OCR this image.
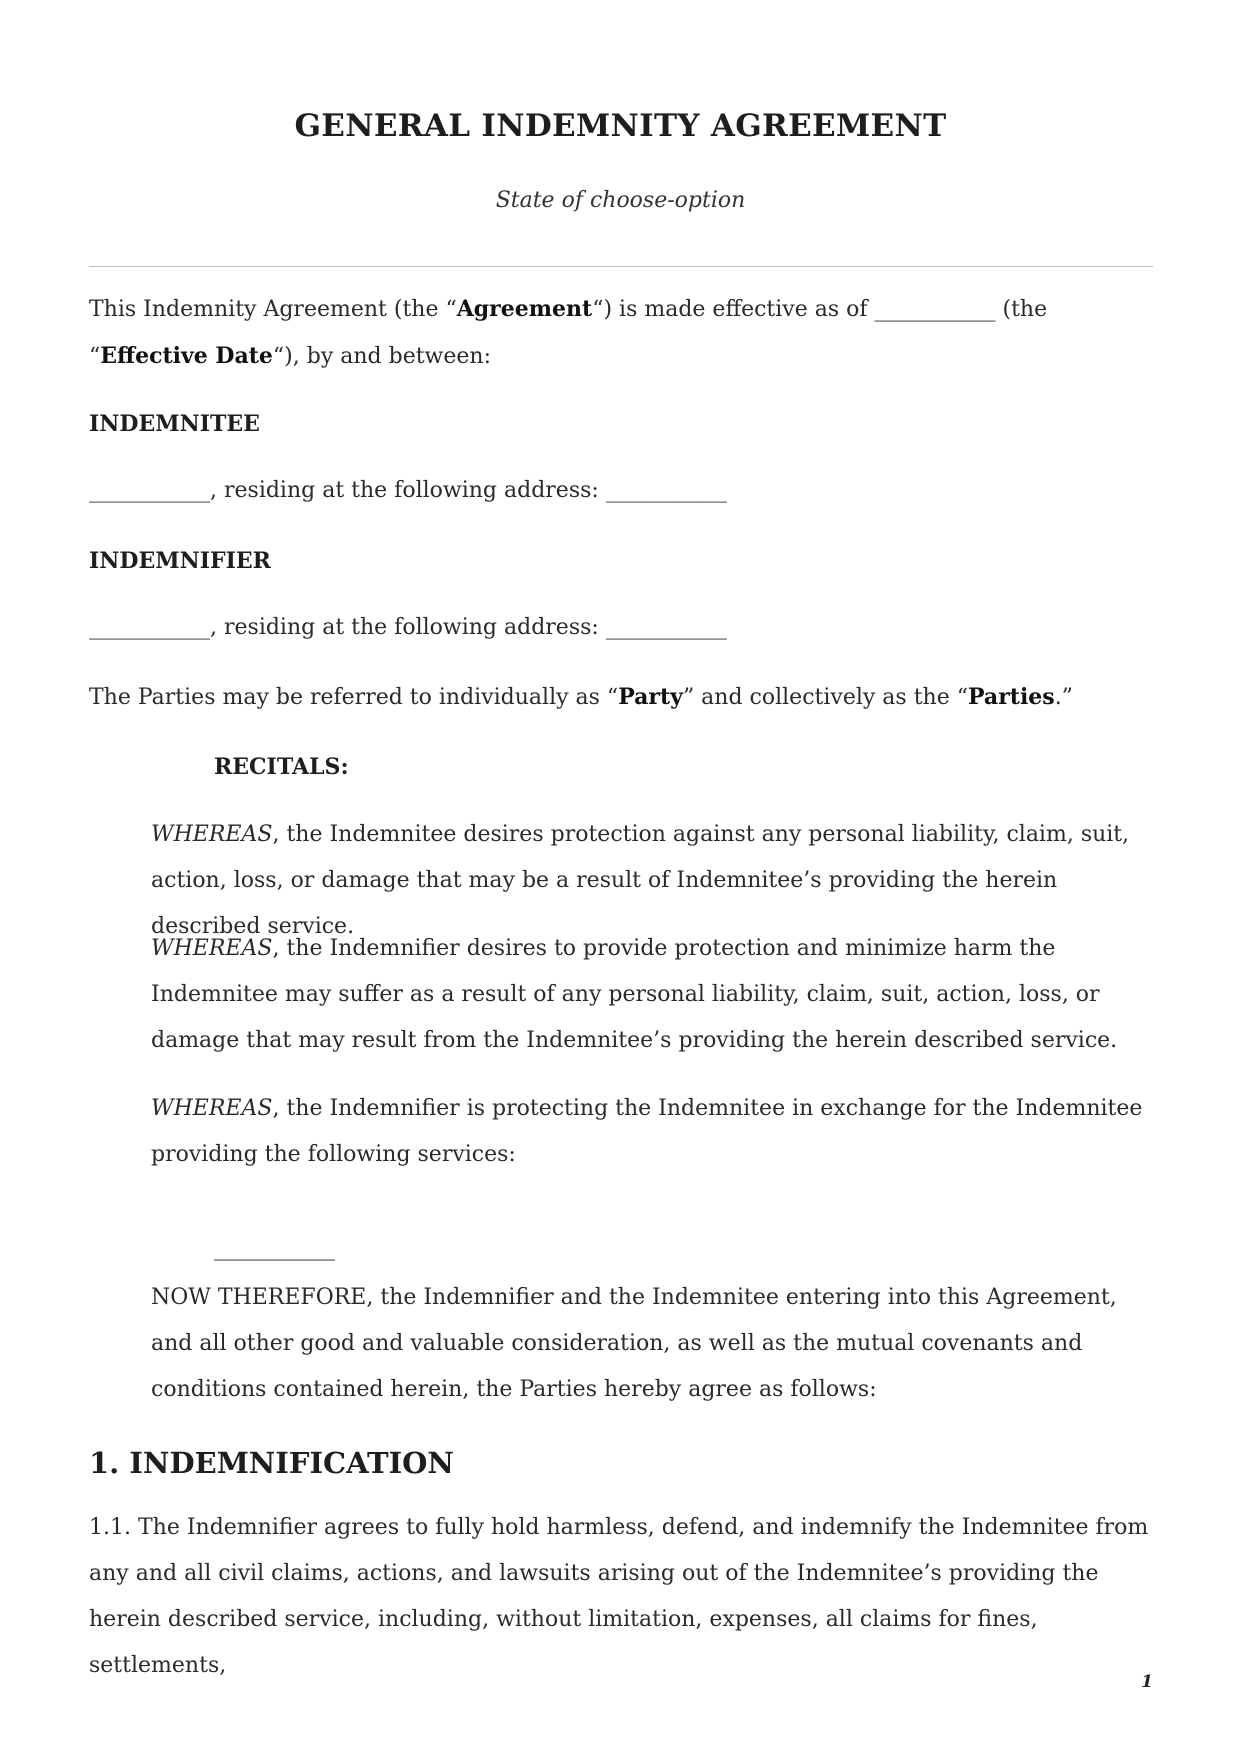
GENERAL INDEMNITY AGREEMENT
State of choose-option
This Indemnity Agreement (the “Agreement“) is made effective as of ___________ (the “Effective Date“), by and between:
INDEMNITEE
___________, residing at the following address: ___________
INDEMNIFIER
___________, residing at the following address: ___________
The Parties may be referred to individually as “Party” and collectively as the “Parties.”
RECITALS:
WHEREAS, the Indemnitee desires protection against any personal liability, claim, suit, action, loss, or damage that may be a result of Indemnitee’s providing the herein described service.
WHEREAS, the Indemnifier desires to provide protection and minimize harm the Indemnitee may suffer as a result of any personal liability, claim, suit, action, loss, or damage that may result from the Indemnitee’s providing the herein described service.
WHEREAS, the Indemnifier is protecting the Indemnitee in exchange for the Indemnitee providing the following services:
___________
NOW THEREFORE, the Indemnifier and the Indemnitee entering into this Agreement, and all other good and valuable consideration, as well as the mutual covenants and conditions contained herein, the Parties hereby agree as follows:
1. INDEMNIFICATION
1.1. The Indemnifier agrees to fully hold harmless, defend, and indemnify the Indemnitee from any and all civil claims, actions, and lawsuits arising out of the Indemnitee’s providing the herein described service, including, without limitation, expenses, all claims for fines, settlements,
1
